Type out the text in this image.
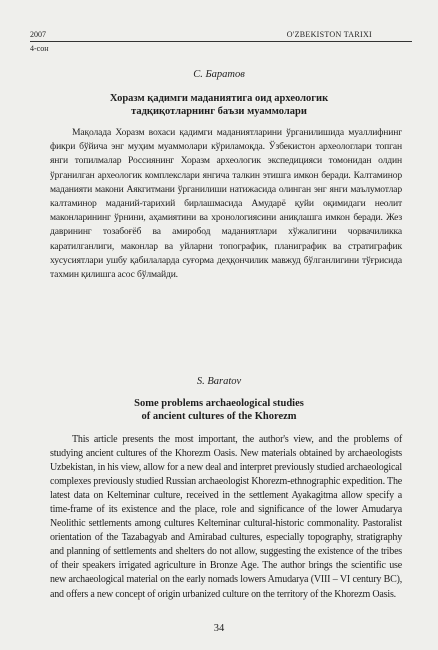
2007	O'ZBEKISTON TARIXI
4-сон
С. Баратов
Хоразм қадимги маданиятига оид археологик
тадқиқотларнинг баъзи муаммолари
Мақолада Хоразм вохаси қадимги маданиятларини ўрганилишида муаллифнинг фикри бўйича энг муҳим муаммолари кўриламоқда. Ўзбекистон археологлари топган янги топилмалар Россиянинг Хоразм археологик экспедицияси томонидан олдин ўрганилган археологик комплекслари янгича талкин этишга имкон беради. Калтаминор маданияти макони Аякгитмани ўрганилиши натижасида олинган энг янги маълумотлар калтаминор маданий-тарихий бирлашмасида Амударё қуйи оқимидаги неолит маконларининг ўрнини, аҳамиятини ва хронологиясини аниқлашга имкон беради. Жез даврининг тозабоғёб ва амиробод маданиятлари хўжалигини чорвачиликка каратилганлиги, маконлар ва уйларни топографик, планиграфик ва стратиграфик хусусиятлари ушбу қабилаларда суғорма деҳқончилик мавжуд бўлганлигини тўғрисида тахмин қилишга асос бўлмайди.
S. Baratov
Some problems archaeological studies
of ancient cultures of the Khorezm
This article presents the most important, the author's view, and the problems of studying ancient cultures of the Khorezm Oasis. New materials obtained by archaeologists Uzbekistan, in his view, allow for a new deal and interpret previously studied archaeological complexes previously studied Russian archaeologist Khorezm-ethnographic expedition. The latest data on Kelteminar culture, received in the settlement Ayakagitma allow specify a time-frame of its existence and the place, role and significance of the lower Amudarya Neolithic settlements among cultures Kelteminar cultural-historic commonality. Pastoralist orientation of the Tazabagyab and Amirabad cultures, especially topography, stratigraphy and planning of settlements and shelters do not allow, suggesting the existence of the tribes of their speakers irrigated agriculture in Bronze Age. The author brings the scientific use new archaeological material on the early nomads lowers Amudarya (VIII – VI century BC), and offers a new concept of origin urbanized culture on the territory of the Khorezm Oasis.
34
